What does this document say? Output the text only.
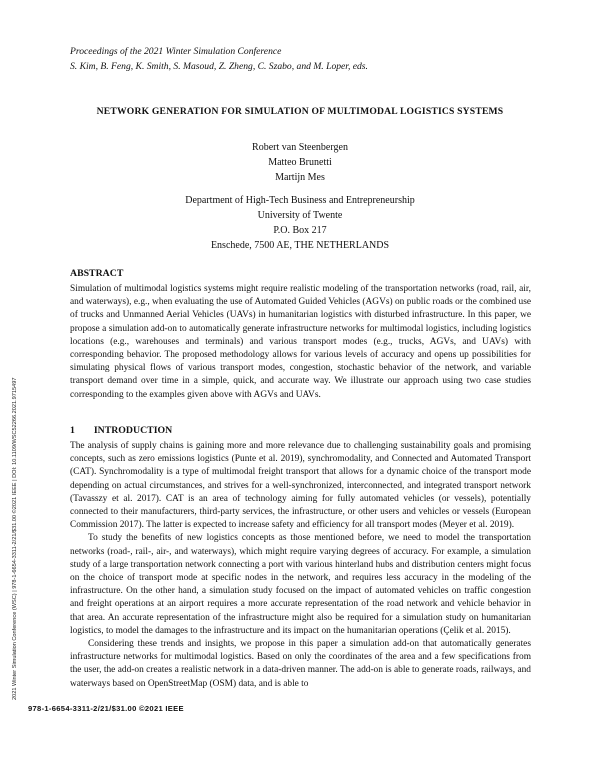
Proceedings of the 2021 Winter Simulation Conference
S. Kim, B. Feng, K. Smith, S. Masoud, Z. Zheng, C. Szabo, and M. Loper, eds.
NETWORK GENERATION FOR SIMULATION OF MULTIMODAL LOGISTICS SYSTEMS
Robert van Steenbergen
Matteo Brunetti
Martijn Mes
Department of High-Tech Business and Entrepreneurship
University of Twente
P.O. Box 217
Enschede, 7500 AE, THE NETHERLANDS
ABSTRACT
Simulation of multimodal logistics systems might require realistic modeling of the transportation networks (road, rail, air, and waterways), e.g., when evaluating the use of Automated Guided Vehicles (AGVs) on public roads or the combined use of trucks and Unmanned Aerial Vehicles (UAVs) in humanitarian logistics with disturbed infrastructure. In this paper, we propose a simulation add-on to automatically generate infrastructure networks for multimodal logistics, including logistics locations (e.g., warehouses and terminals) and various transport modes (e.g., trucks, AGVs, and UAVs) with corresponding behavior. The proposed methodology allows for various levels of accuracy and opens up possibilities for simulating physical flows of various transport modes, congestion, stochastic behavior of the network, and variable transport demand over time in a simple, quick, and accurate way. We illustrate our approach using two case studies corresponding to the examples given above with AGVs and UAVs.
1 INTRODUCTION
The analysis of supply chains is gaining more and more relevance due to challenging sustainability goals and promising concepts, such as zero emissions logistics (Punte et al. 2019), synchromodality, and Connected and Automated Transport (CAT). Synchromodality is a type of multimodal freight transport that allows for a dynamic choice of the transport mode depending on actual circumstances, and strives for a well-synchronized, interconnected, and integrated transport network (Tavasszy et al. 2017). CAT is an area of technology aiming for fully automated vehicles (or vessels), potentially connected to their manufacturers, third-party services, the infrastructure, or other users and vehicles or vessels (European Commission 2017). The latter is expected to increase safety and efficiency for all transport modes (Meyer et al. 2019).
To study the benefits of new logistics concepts as those mentioned before, we need to model the transportation networks (road-, rail-, air-, and waterways), which might require varying degrees of accuracy. For example, a simulation study of a large transportation network connecting a port with various hinterland hubs and distribution centers might focus on the choice of transport mode at specific nodes in the network, and requires less accuracy in the modeling of the infrastructure. On the other hand, a simulation study focused on the impact of automated vehicles on traffic congestion and freight operations at an airport requires a more accurate representation of the road network and vehicle behavior in that area. An accurate representation of the infrastructure might also be required for a simulation study on humanitarian logistics, to model the damages to the infrastructure and its impact on the humanitarian operations (Çelik et al. 2015).
Considering these trends and insights, we propose in this paper a simulation add-on that automatically generates infrastructure networks for multimodal logistics. Based on only the coordinates of the area and a few specifications from the user, the add-on creates a realistic network in a data-driven manner. The add-on is able to generate roads, railways, and waterways based on OpenStreetMap (OSM) data, and is able to
2021 Winter Simulation Conference (WSC) | 978-1-6654-3311-2/21/$31.00 ©2021 IEEE | DOI: 10.1109/WSC52266.2021.9715497
978-1-6654-3311-2/21/$31.00 ©2021 IEEE
